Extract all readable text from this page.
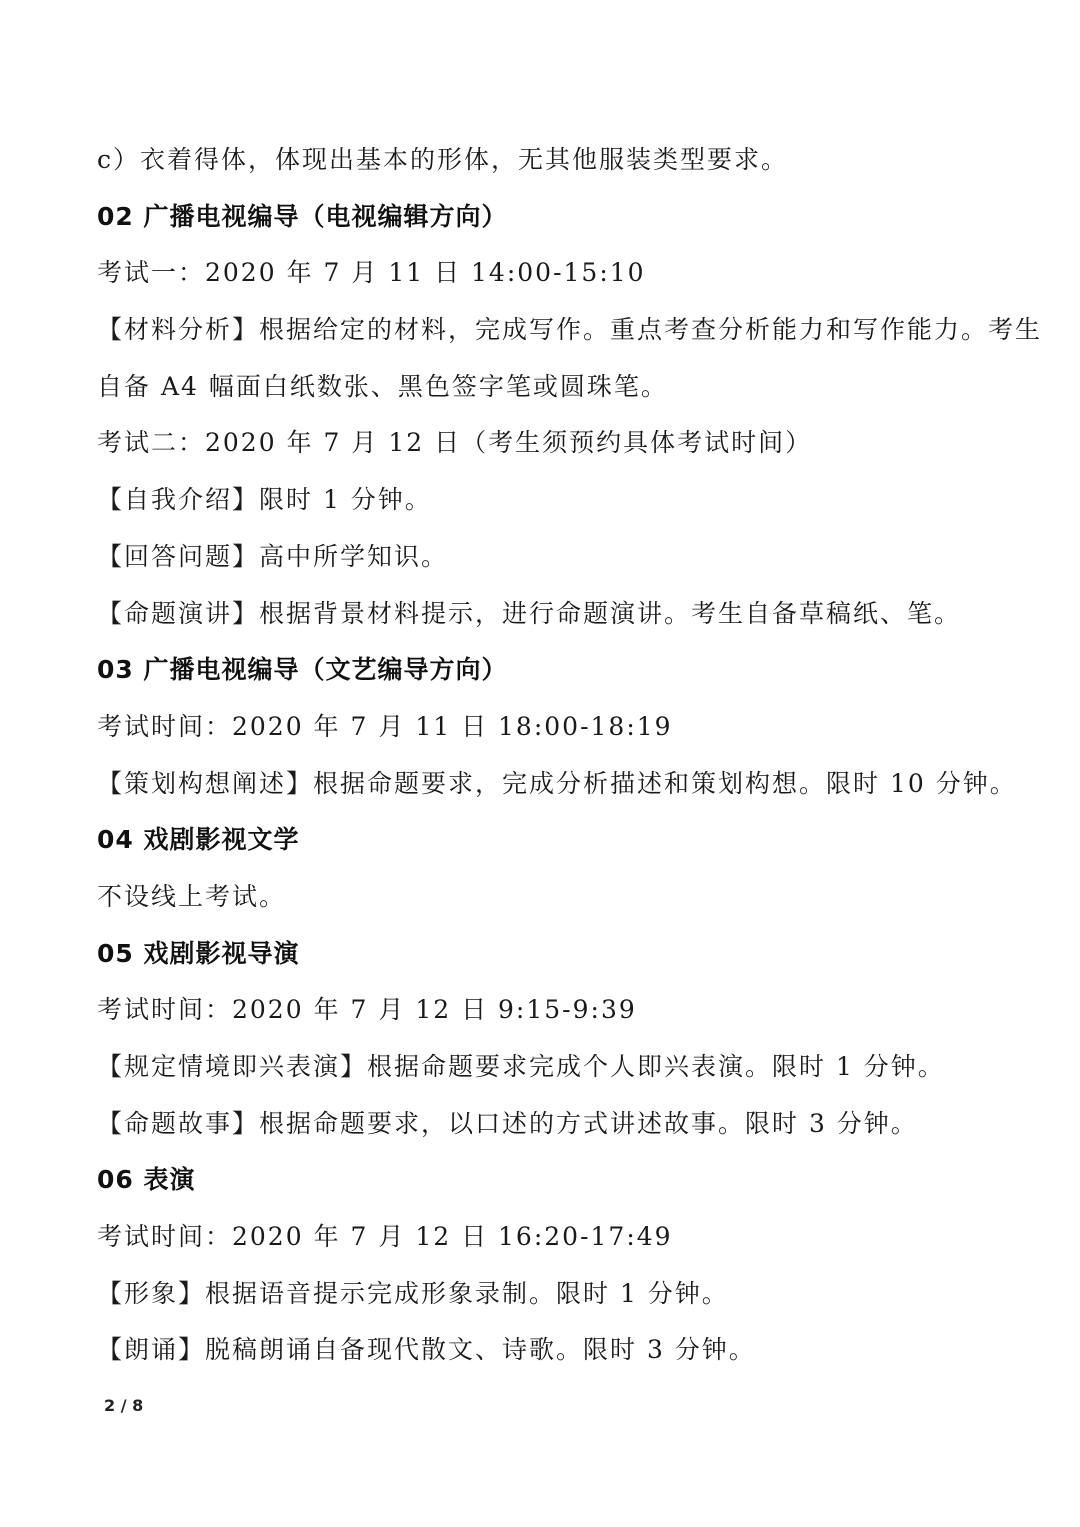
c）衣着得体，体现出基本的形体，无其他服装类型要求。
02 广播电视编导（电视编辑方向）
考试一：2020 年 7 月 11 日 14:00-15:10
【材料分析】根据给定的材料，完成写作。重点考查分析能力和写作能力。考生
自备 A4 幅面白纸数张、黑色签字笔或圆珠笔。
考试二：2020 年 7 月 12 日（考生须预约具体考试时间）
【自我介绍】限时 1 分钟。
【回答问题】高中所学知识。
【命题演讲】根据背景材料提示，进行命题演讲。考生自备草稿纸、笔。
03 广播电视编导（文艺编导方向）
考试时间：2020 年 7 月 11 日 18:00-18:19
【策划构想阐述】根据命题要求，完成分析描述和策划构想。限时 10 分钟。
04 戏剧影视文学
不设线上考试。
05 戏剧影视导演
考试时间：2020 年 7 月 12 日 9:15-9:39
【规定情境即兴表演】根据命题要求完成个人即兴表演。限时 1 分钟。
【命题故事】根据命题要求，以口述的方式讲述故事。限时 3 分钟。
06 表演
考试时间：2020 年 7 月 12 日 16:20-17:49
【形象】根据语音提示完成形象录制。限时 1 分钟。
【朗诵】脱稿朗诵自备现代散文、诗歌。限时 3 分钟。
2 / 8
